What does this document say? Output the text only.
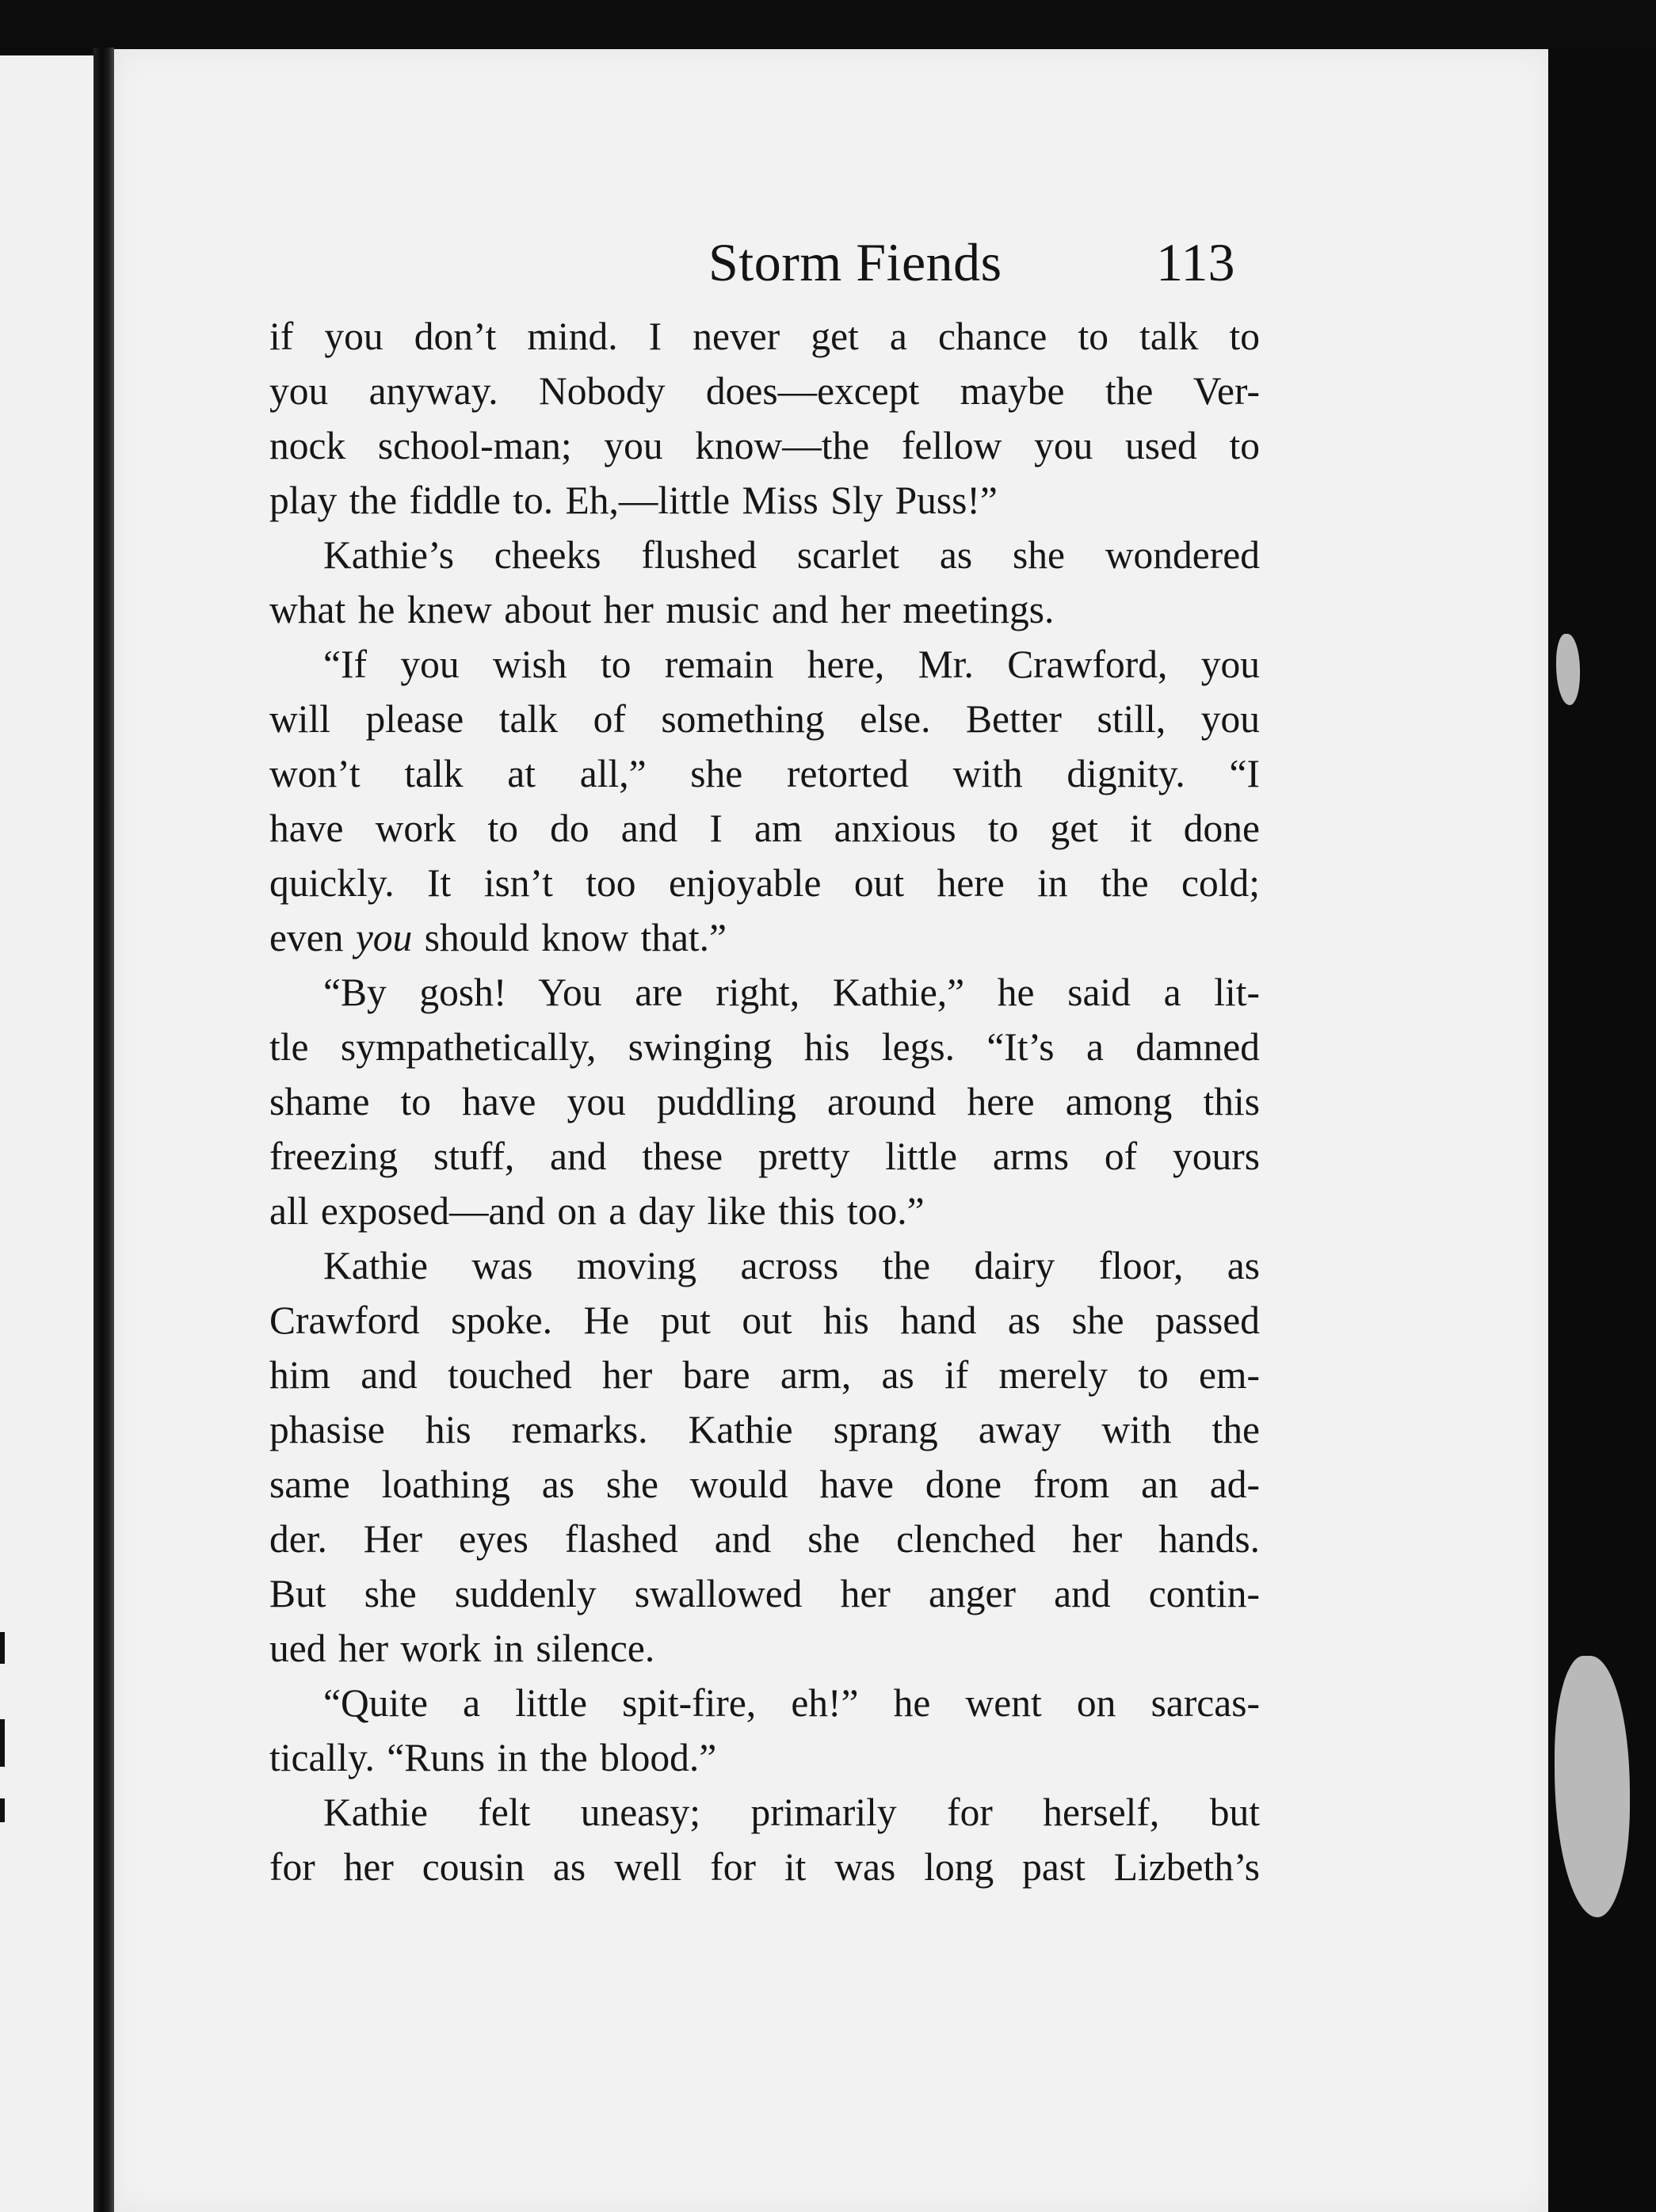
Storm Fiends	113
if you don’t mind. I never get a chance to talk to
you anyway. Nobody does—except maybe the Ver-
nock school-man; you know—the fellow you used to
play the fiddle to. Eh,—little Miss Sly Puss!”
Kathie’s cheeks flushed scarlet as she wondered
what he knew about her music and her meetings.
“If you wish to remain here, Mr. Crawford, you
will please talk of something else. Better still, you
won’t talk at all,” she retorted with dignity. “I
have work to do and I am anxious to get it done
quickly. It isn’t too enjoyable out here in the cold;
even you should know that.”
“By gosh! You are right, Kathie,” he said a lit-
tle sympathetically, swinging his legs. “It’s a damned
shame to have you puddling around here among this
freezing stuff, and these pretty little arms of yours
all exposed—and on a day like this too.”
Kathie was moving across the dairy floor, as
Crawford spoke. He put out his hand as she passed
him and touched her bare arm, as if merely to em-
phasise his remarks. Kathie sprang away with the
same loathing as she would have done from an ad-
der. Her eyes flashed and she clenched her hands.
But she suddenly swallowed her anger and contin-
ued her work in silence.
“Quite a little spit-fire, eh!” he went on sarcas-
tically. “Runs in the blood.”
Kathie felt uneasy; primarily for herself, but
for her cousin as well for it was long past Lizbeth’s
